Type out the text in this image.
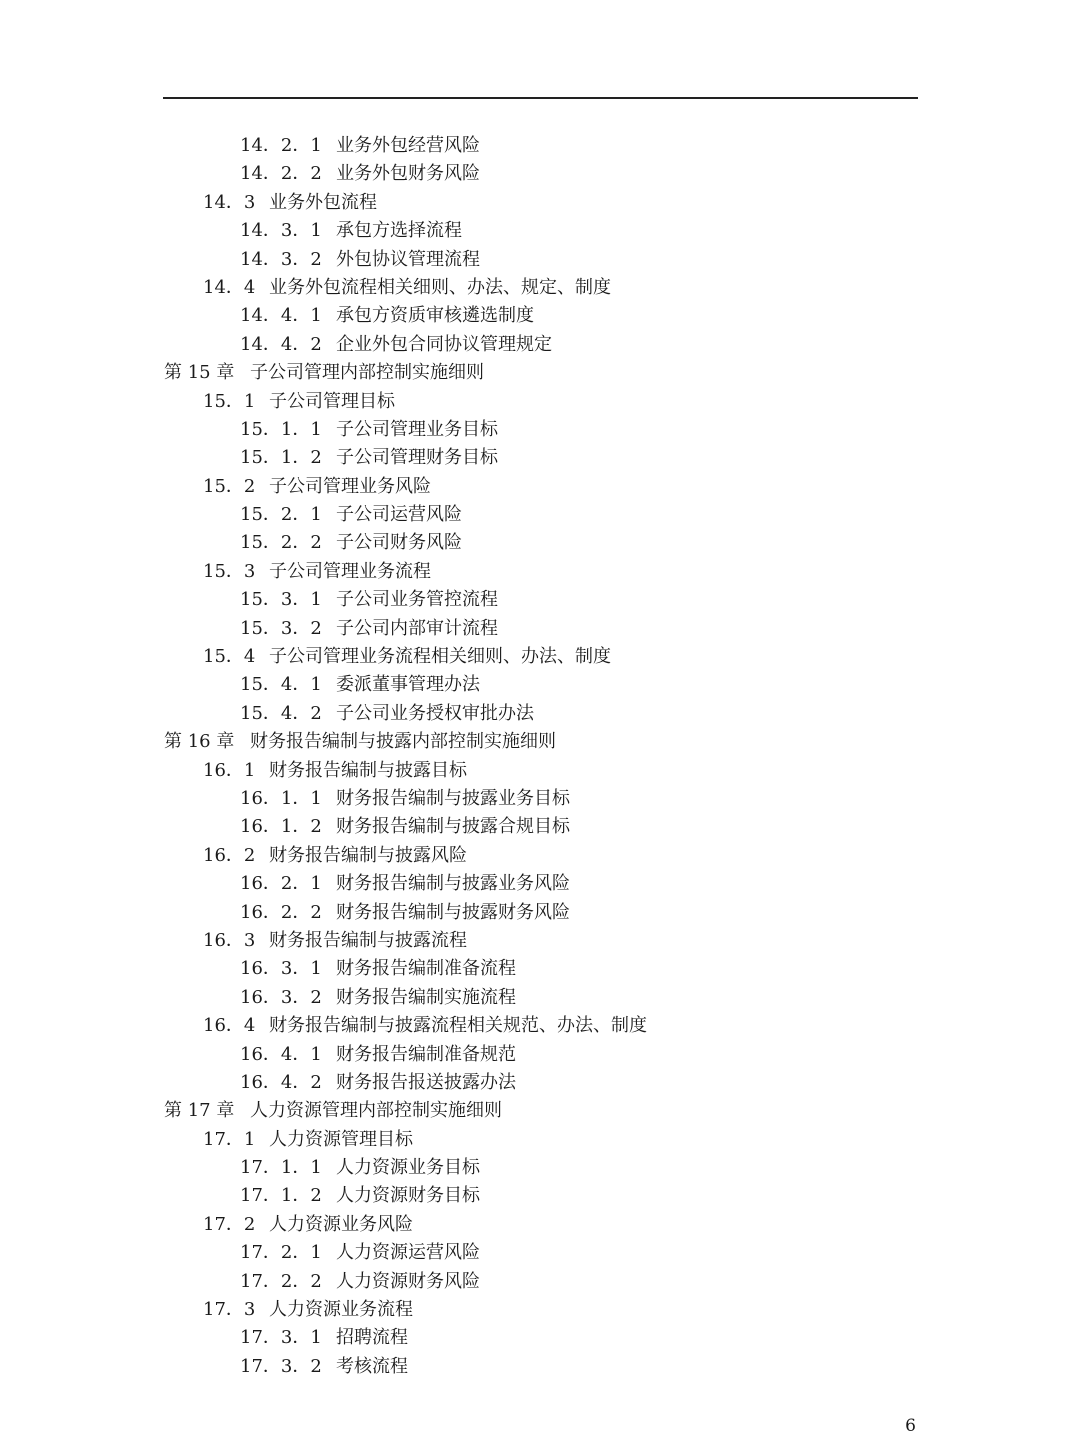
14．2．1 业务外包经营风险
14．2．2 业务外包财务风险
14．3 业务外包流程
14．3．1 承包方选择流程
14．3．2 外包协议管理流程
14．4 业务外包流程相关细则、办法、规定、制度
14．4．1 承包方资质审核遴选制度
14．4．2 企业外包合同协议管理规定
第 15 章 子公司管理内部控制实施细则
15．1 子公司管理目标
15．1．1 子公司管理业务目标
15．1．2 子公司管理财务目标
15．2 子公司管理业务风险
15．2．1 子公司运营风险
15．2．2 子公司财务风险
15．3 子公司管理业务流程
15．3．1 子公司业务管控流程
15．3．2 子公司内部审计流程
15．4 子公司管理业务流程相关细则、办法、制度
15．4．1 委派董事管理办法
15．4．2 子公司业务授权审批办法
第 16 章 财务报告编制与披露内部控制实施细则
16．1 财务报告编制与披露目标
16．1．1 财务报告编制与披露业务目标
16．1．2 财务报告编制与披露合规目标
16．2 财务报告编制与披露风险
16．2．1 财务报告编制与披露业务风险
16．2．2 财务报告编制与披露财务风险
16．3 财务报告编制与披露流程
16．3．1 财务报告编制准备流程
16．3．2 财务报告编制实施流程
16．4 财务报告编制与披露流程相关规范、办法、制度
16．4．1 财务报告编制准备规范
16．4．2 财务报告报送披露办法
第 17 章 人力资源管理内部控制实施细则
17．1 人力资源管理目标
17．1．1 人力资源业务目标
17．1．2 人力资源财务目标
17．2 人力资源业务风险
17．2．1 人力资源运营风险
17．2．2 人力资源财务风险
17．3 人力资源业务流程
17．3．1 招聘流程
17．3．2 考核流程
6
